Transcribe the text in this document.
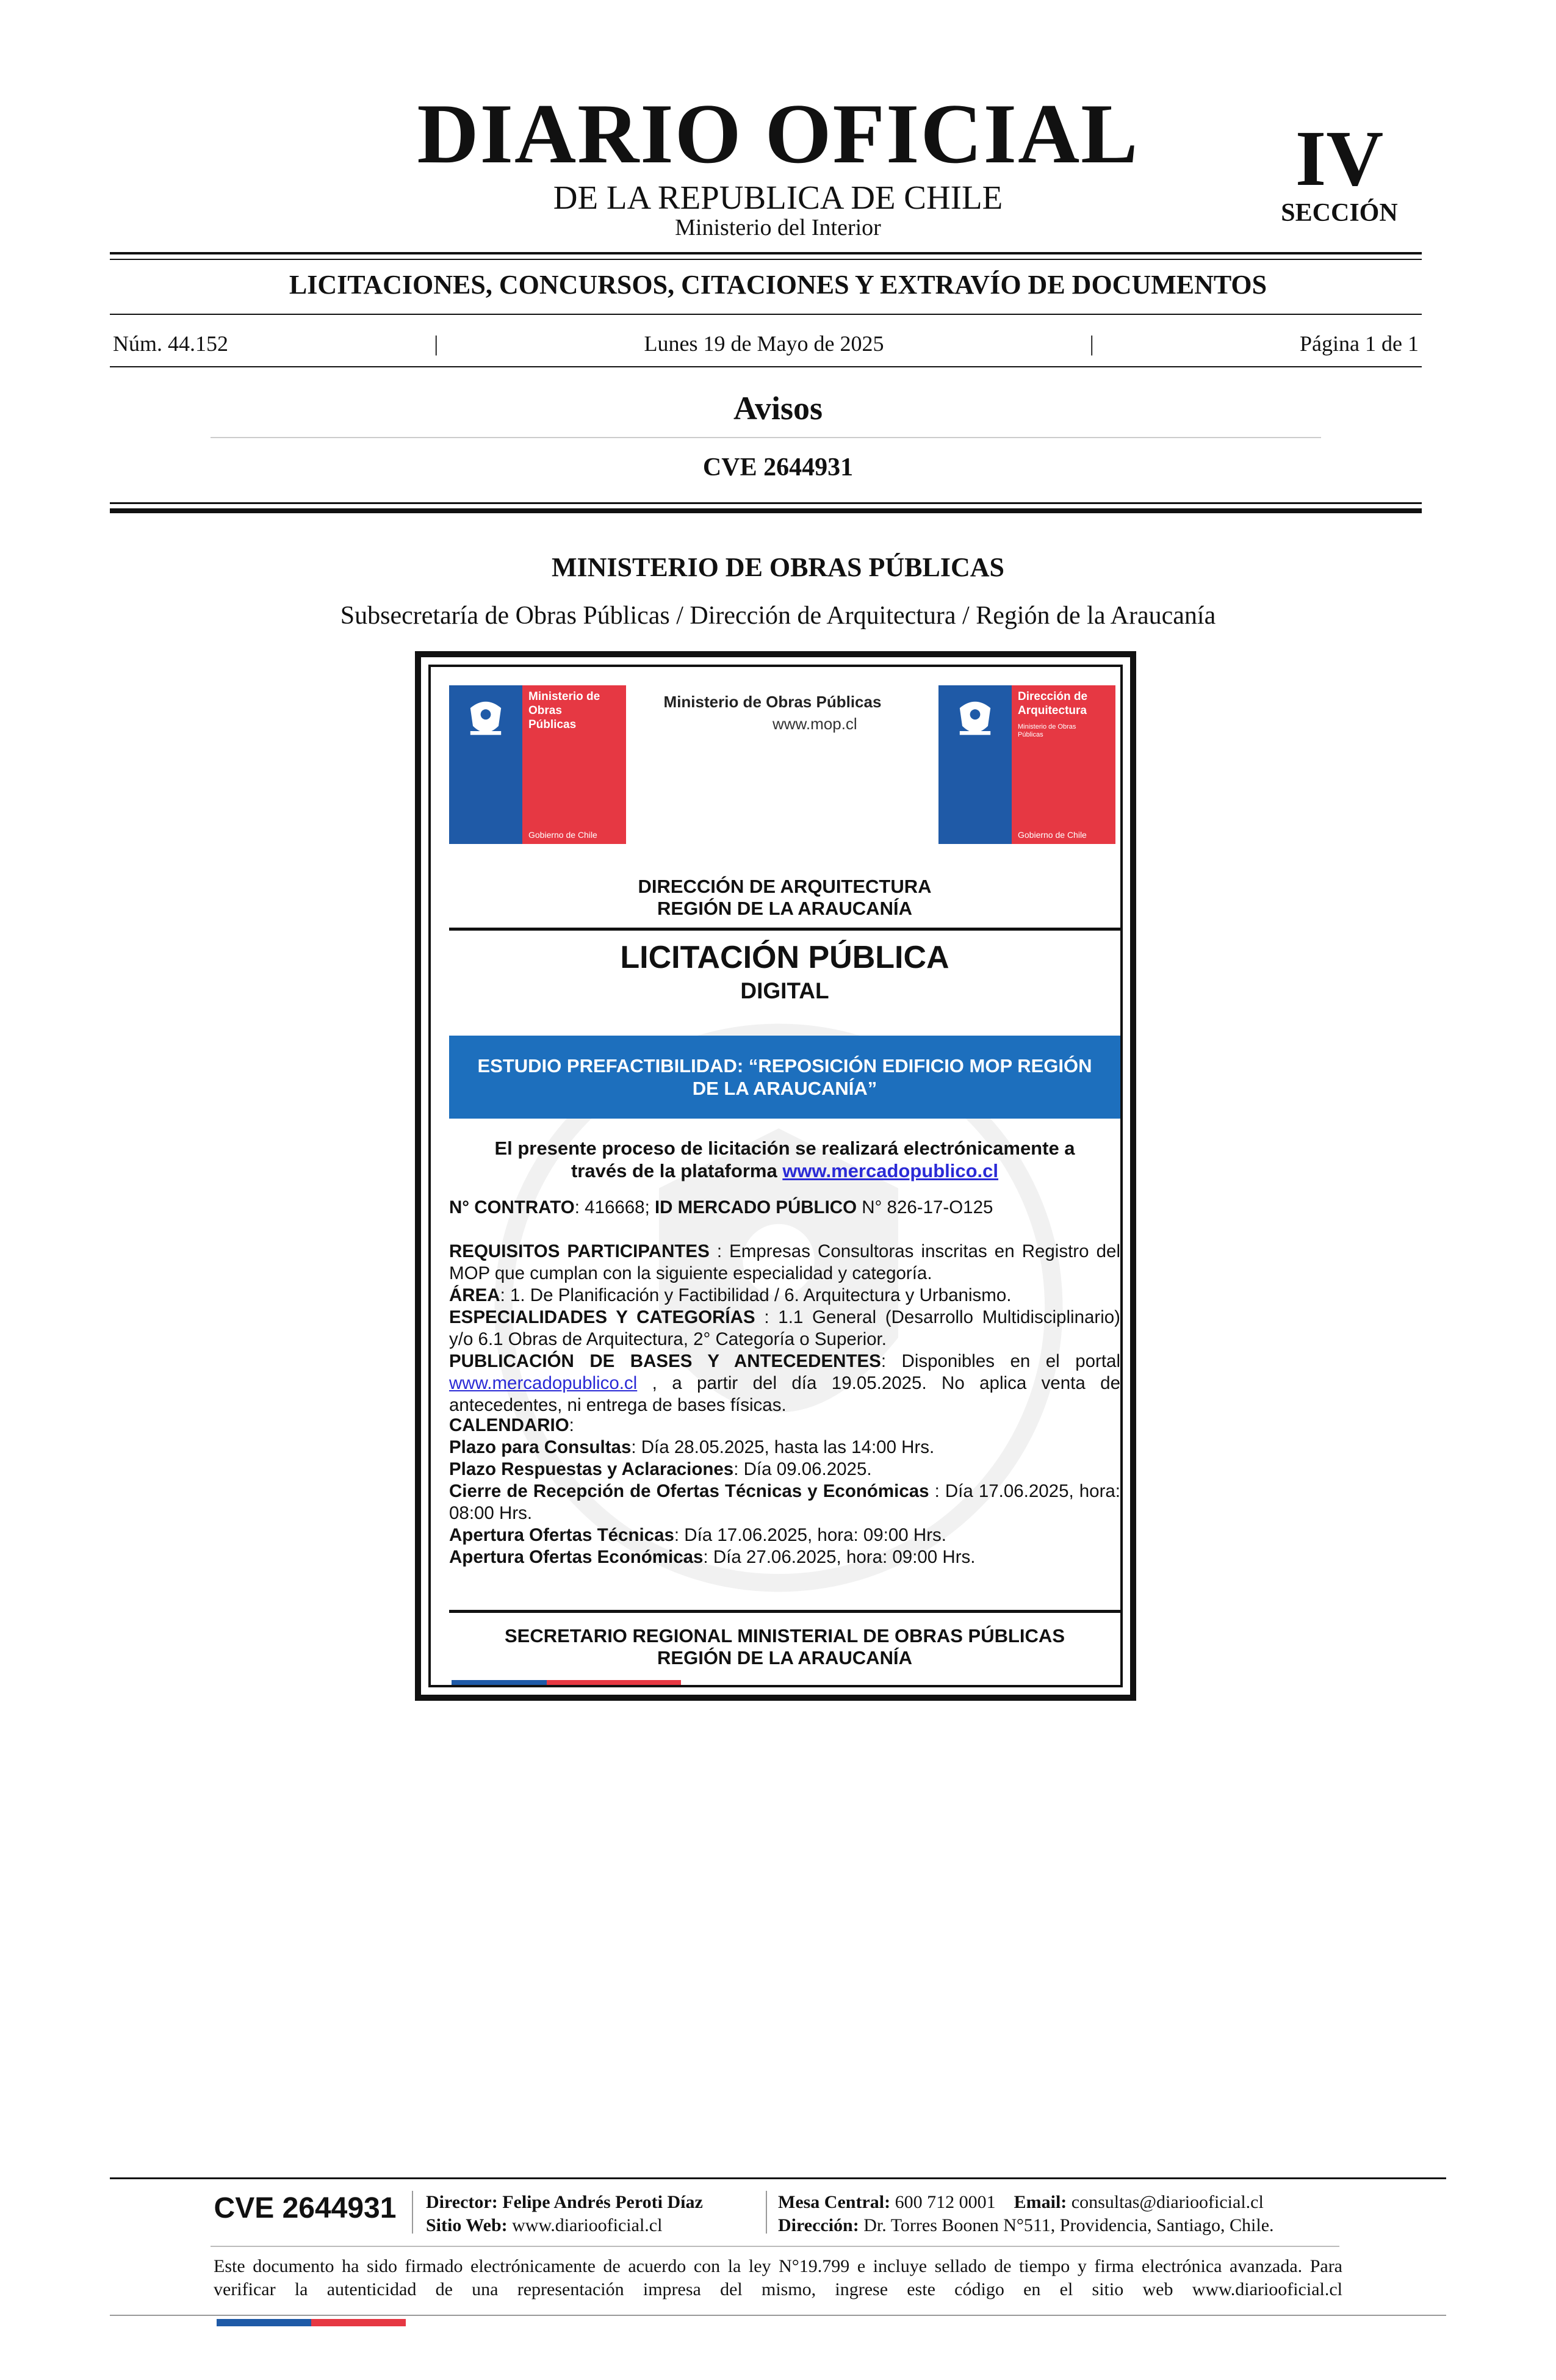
DIARIO OFICIAL
DE LA REPUBLICA DE CHILE
Ministerio del Interior
IV
SECCIÓN
LICITACIONES, CONCURSOS, CITACIONES Y EXTRAVÍO DE DOCUMENTOS
Núm. 44.152	|	Lunes 19 de Mayo de 2025	|	Página 1 de 1
Avisos
CVE 2644931
MINISTERIO DE OBRAS PÚBLICAS
Subsecretaría de Obras Públicas / Dirección de Arquitectura / Región de la Araucanía
Ministerio de
Obras
Públicas
Gobierno de Chile
Ministerio de Obras Públicas
www.mop.cl
Dirección de
Arquitectura
Ministerio de Obras
Públicas
Gobierno de Chile
DIRECCIÓN DE ARQUITECTURA
REGIÓN DE LA ARAUCANÍA
LICITACIÓN PÚBLICA
DIGITAL
ESTUDIO PREFACTIBILIDAD: “REPOSICIÓN EDIFICIO MOP REGIÓN
DE LA ARAUCANÍA”
El presente proceso de licitación se realizará electrónicamente a
través de la plataforma www.mercadopublico.cl
N° CONTRATO: 416668; ID MERCADO PÚBLICO N° 826-17-O125
REQUISITOS PARTICIPANTES : Empresas Consultoras inscritas en Registro del MOP que cumplan con la siguiente especialidad y categoría.
ÁREA: 1. De Planificación y Factibilidad / 6. Arquitectura y Urbanismo.
ESPECIALIDADES Y CATEGORÍAS : 1.1 General (Desarrollo Multidisciplinario) y/o 6.1 Obras de Arquitectura, 2° Categoría o Superior.
PUBLICACIÓN DE BASES Y ANTECEDENTES: Disponibles en el portal www.mercadopublico.cl , a partir del día 19.05.2025. No aplica venta de antecedentes, ni entrega de bases físicas.
CALENDARIO:
Plazo para Consultas: Día 28.05.2025, hasta las 14:00 Hrs.
Plazo Respuestas y Aclaraciones: Día 09.06.2025.
Cierre de Recepción de Ofertas Técnicas y Económicas : Día 17.06.2025, hora: 08:00 Hrs.
Apertura Ofertas Técnicas: Día 17.06.2025, hora: 09:00 Hrs.
Apertura Ofertas Económicas: Día 27.06.2025, hora: 09:00 Hrs.
SECRETARIO REGIONAL MINISTERIAL DE OBRAS PÚBLICAS
REGIÓN DE LA ARAUCANÍA
CVE 2644931	Director: Felipe Andrés Peroti Díaz
Sitio Web: www.diariooficial.cl
Mesa Central: 600 712 0001 Email: consultas@diariooficial.cl
Dirección: Dr. Torres Boonen N°511, Providencia, Santiago, Chile.
Este documento ha sido firmado electrónicamente de acuerdo con la ley N°19.799 e incluye sellado de tiempo y firma electrónica avanzada. Para verificar la autenticidad de una representación impresa del mismo, ingrese este código en el sitio web www.diariooficial.cl
